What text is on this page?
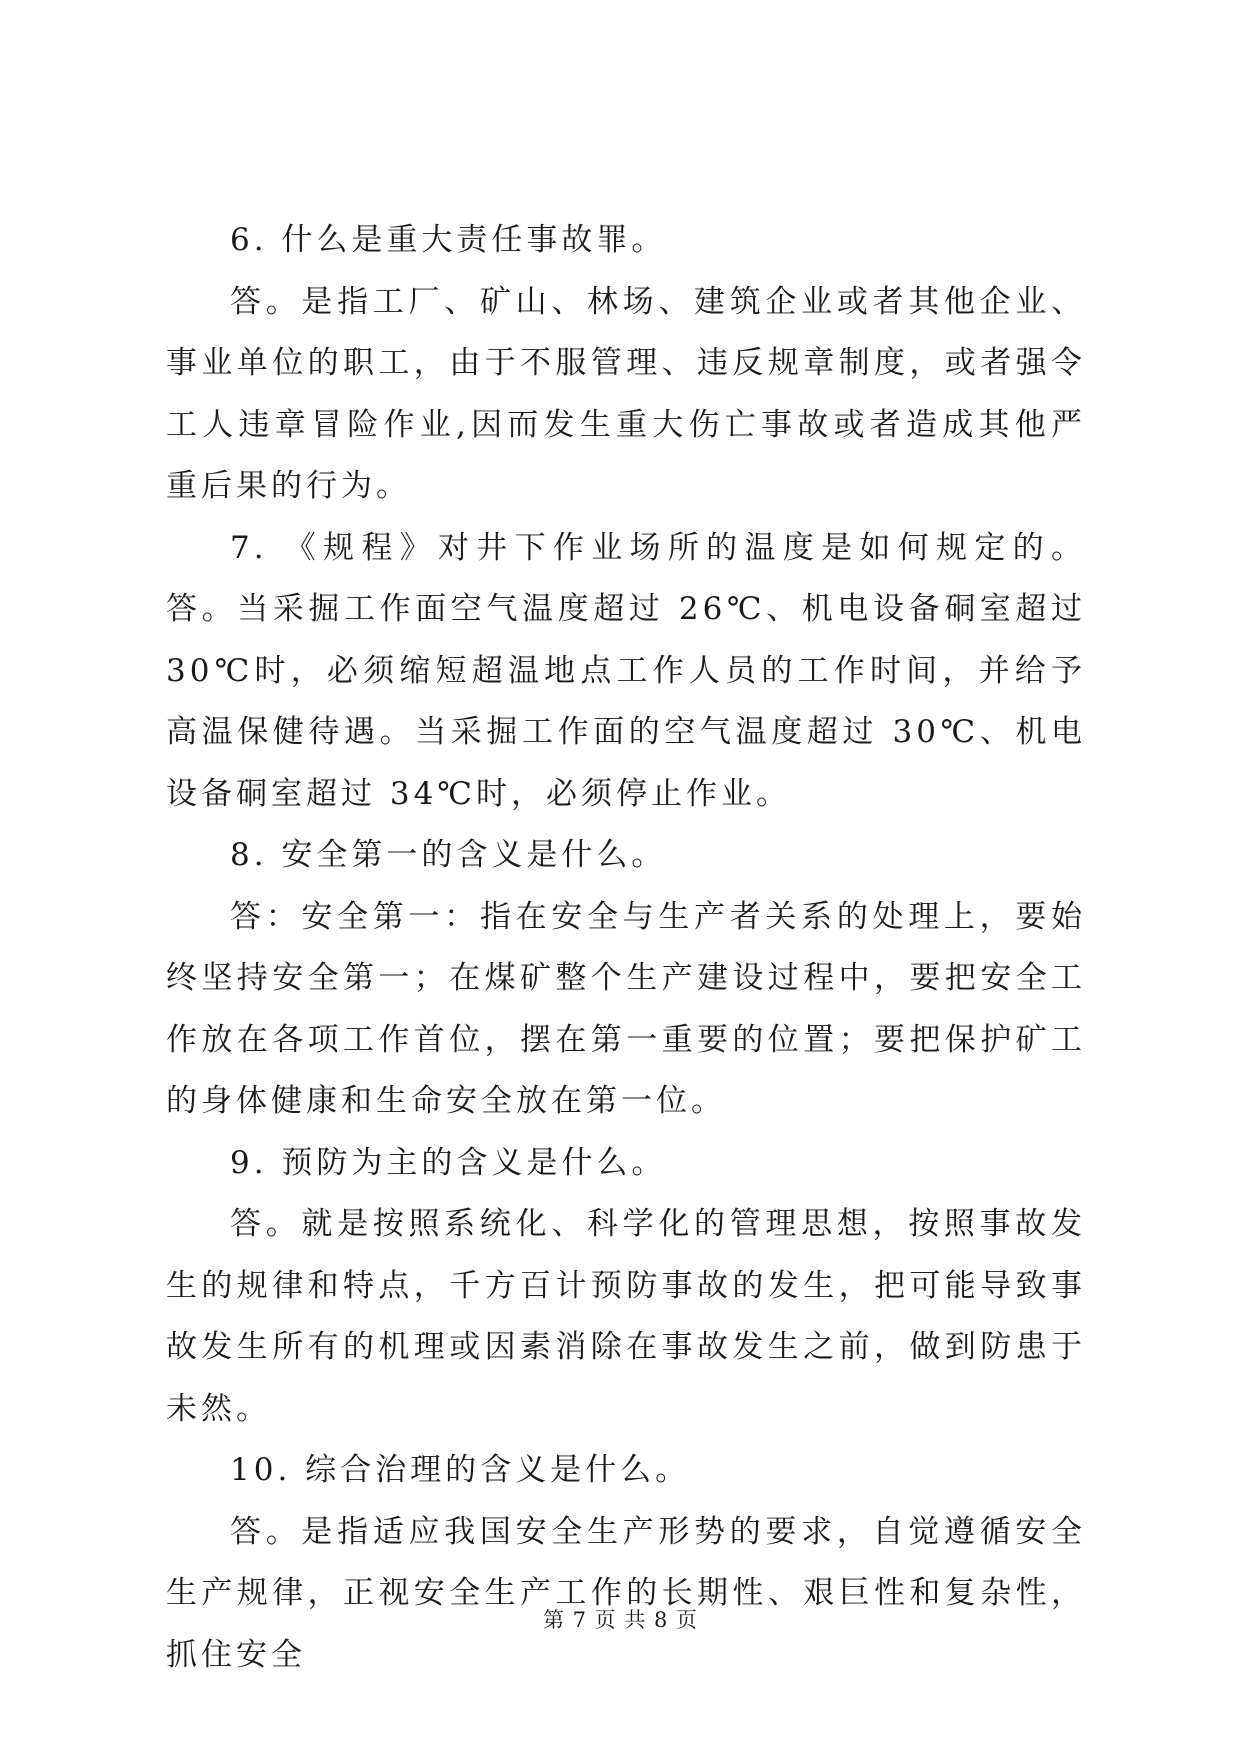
6. 什么是重大责任事故罪。

答。是指工厂、矿山、林场、建筑企业或者其他企业、事业单位的职工，由于不服管理、违反规章制度，或者强令工人违章冒险作业,因而发生重大伤亡事故或者造成其他严重后果的行为。

7. 《规程》对井下作业场所的温度是如何规定的。答。当采掘工作面空气温度超过 26℃、机电设备硐室超过 30℃时，必须缩短超温地点工作人员的工作时间，并给予高温保健待遇。当采掘工作面的空气温度超过 30℃、机电设备硐室超过 34℃时，必须停止作业。

8. 安全第一的含义是什么。

答：安全第一：指在安全与生产者关系的处理上，要始终坚持安全第一；在煤矿整个生产建设过程中，要把安全工作放在各项工作首位，摆在第一重要的位置；要把保护矿工的身体健康和生命安全放在第一位。

9. 预防为主的含义是什么。

答。就是按照系统化、科学化的管理思想，按照事故发生的规律和特点，千方百计预防事故的发生，把可能导致事故发生所有的机理或因素消除在事故发生之前，做到防患于未然。

10. 综合治理的含义是什么。

答。是指适应我国安全生产形势的要求，自觉遵循安全生产规律，正视安全生产工作的长期性、艰巨性和复杂性，抓住安全

第 7 页 共 8 页
